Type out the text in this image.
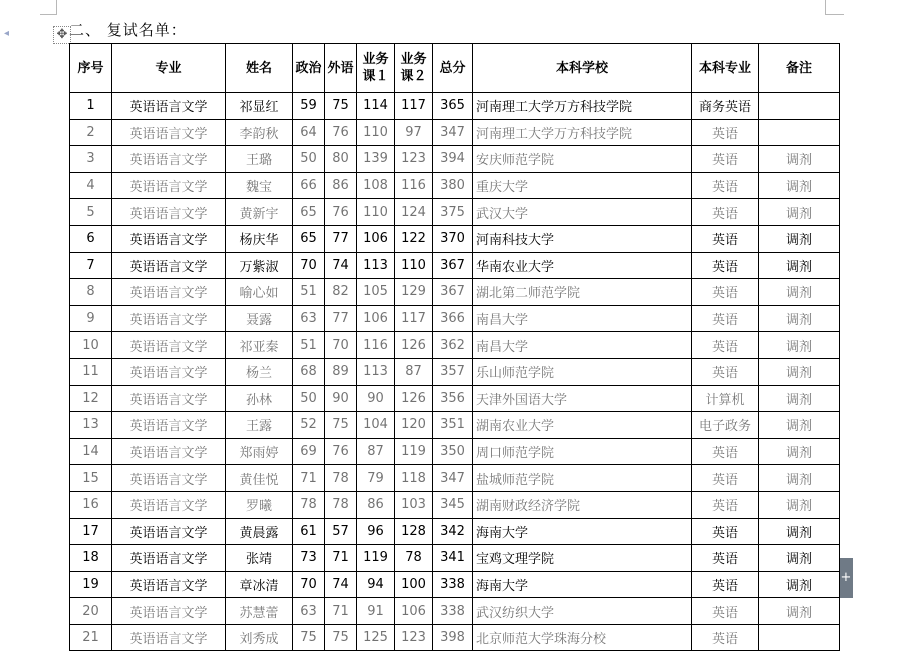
◂	✥ 二、 复试名单：
+
序号	专业	姓名	政治	外语	业务课１	业务课２	总分	本科学校	本科专业	备注
1	英语语言文学	祁显红	59	75	114	117	365	河南理工大学万方科技学院	商务英语	
2	英语语言文学	李韵秋	64	76	110	97	347	河南理工大学万方科技学院	英语	
3	英语语言文学	王璐	50	80	139	123	394	安庆师范学院	英语	调剂
4	英语语言文学	魏宝	66	86	108	116	380	重庆大学	英语	调剂
5	英语语言文学	黄新宇	65	76	110	124	375	武汉大学	英语	调剂
6	英语语言文学	杨庆华	65	77	106	122	370	河南科技大学	英语	调剂
7	英语语言文学	万紫淑	70	74	113	110	367	华南农业大学	英语	调剂
8	英语语言文学	喻心如	51	82	105	129	367	湖北第二师范学院	英语	调剂
9	英语语言文学	聂露	63	77	106	117	366	南昌大学	英语	调剂
10	英语语言文学	祁亚秦	51	70	116	126	362	南昌大学	英语	调剂
11	英语语言文学	杨兰	68	89	113	87	357	乐山师范学院	英语	调剂
12	英语语言文学	孙林	50	90	90	126	356	天津外国语大学	计算机	调剂
13	英语语言文学	王露	52	75	104	120	351	湖南农业大学	电子政务	调剂
14	英语语言文学	郑雨婷	69	76	87	119	350	周口师范学院	英语	调剂
15	英语语言文学	黄佳悦	71	78	79	118	347	盐城师范学院	英语	调剂
16	英语语言文学	罗曦	78	78	86	103	345	湖南财政经济学院	英语	调剂
17	英语语言文学	黄晨露	61	57	96	128	342	海南大学	英语	调剂
18	英语语言文学	张靖	73	71	119	78	341	宝鸡文理学院	英语	调剂
19	英语语言文学	章冰清	70	74	94	100	338	海南大学	英语	调剂
20	英语语言文学	苏慧蕾	63	71	91	106	338	武汉纺织大学	英语	调剂
21	英语语言文学	刘秀成	75	75	125	123	398	北京师范大学珠海分校	英语	
